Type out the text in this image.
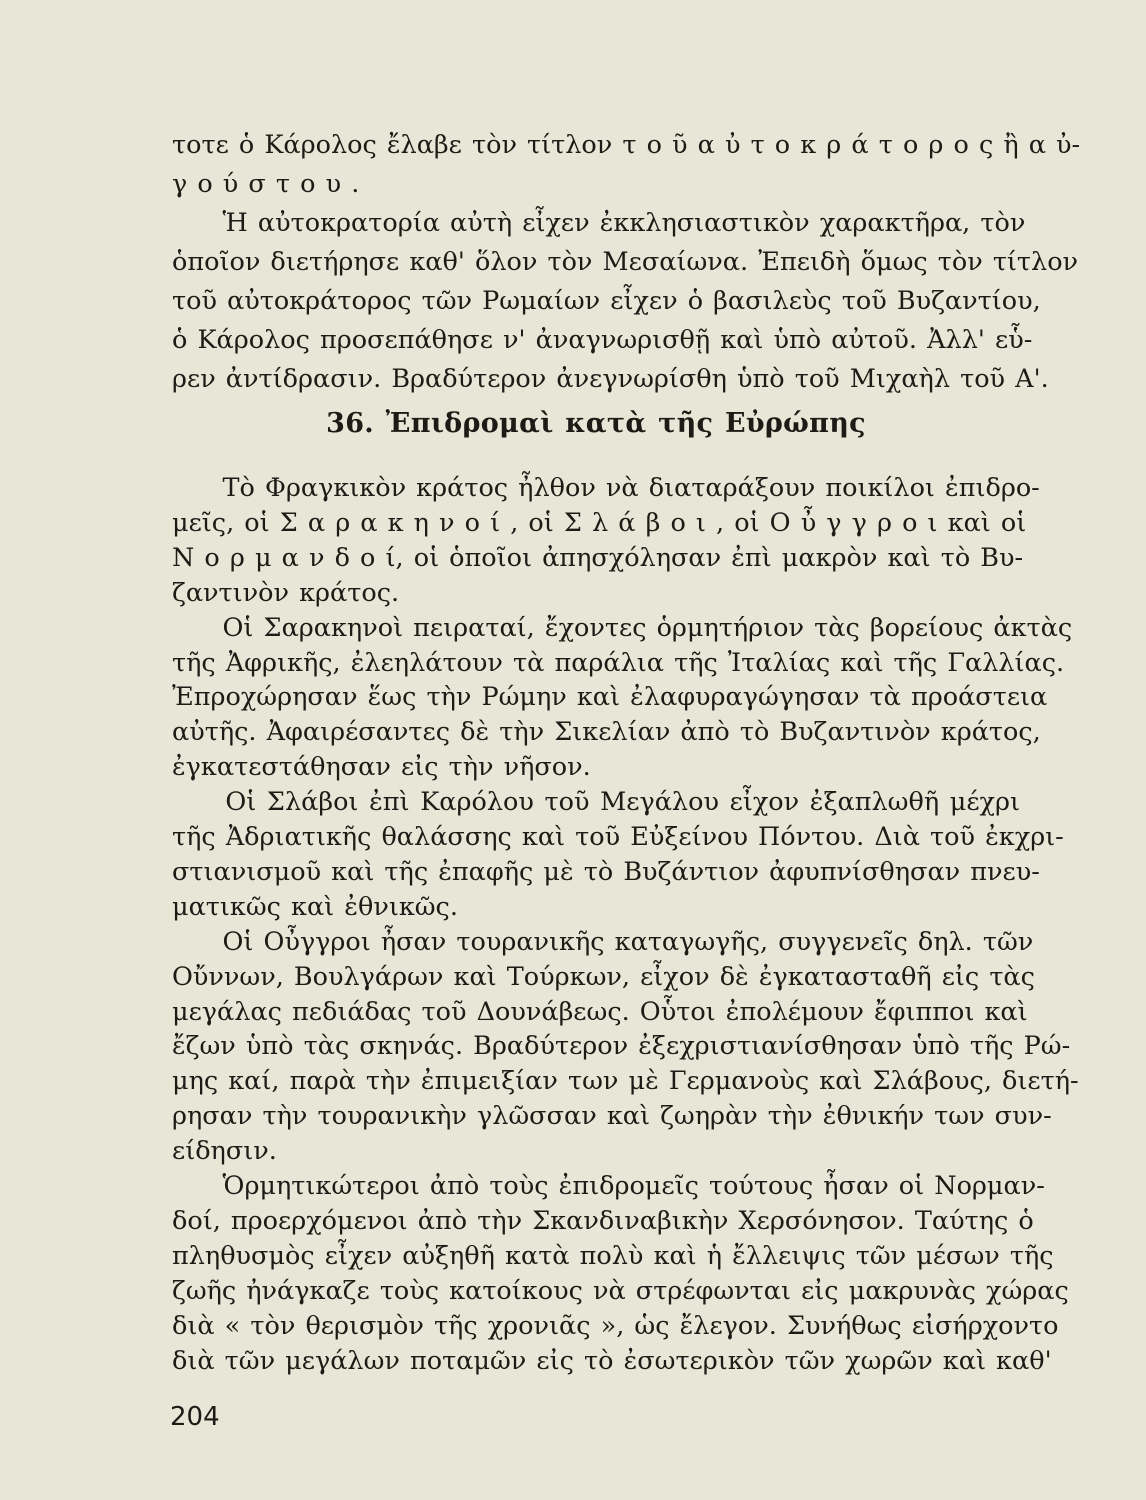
τοτε ὁ Κάρολος ἔλαβε τὸν τίτλον τ ο ῦ α ὐ τ ο κ ρ ά τ ο ρ ο ς ἢ α ὐ-
γ ο ύ σ τ ο υ .
Ἡ αὐτοκρατορία αὐτὴ εἶχεν ἐκκλησιαστικὸν χαρακτῆρα, τὸν
ὁποῖον διετήρησε καθ' ὅλον τὸν Μεσαίωνα. Ἐπειδὴ ὅμως τὸν τίτλον
τοῦ αὐτοκράτορος τῶν Ρωμαίων εἶχεν ὁ βασιλεὺς τοῦ Βυζαντίου,
ὁ Κάρολος προσεπάθησε ν' ἀναγνωρισθῇ καὶ ὑπὸ αὐτοῦ. Ἀλλ' εὗ-
ρεν ἀντίδρασιν. Βραδύτερον ἀνεγνωρίσθη ὑπὸ τοῦ Μιχαὴλ τοῦ Α'.
36. Ἐπιδρομαὶ κατὰ τῆς Εὐρώπης
Τὸ Φραγκικὸν κράτος ἦλθον νὰ διαταράξουν ποικίλοι ἐπιδρο-
μεῖς, οἱ Σ α ρ α κ η ν ο ί , οἱ Σ λ ά β ο ι , οἱ Ο ὖ γ γ ρ ο ι καὶ οἱ
Ν ο ρ μ α ν δ ο ί, οἱ ὁποῖοι ἀπησχόλησαν ἐπὶ μακρὸν καὶ τὸ Βυ-
ζαντινὸν κράτος.
Οἱ Σαρακηνοὶ πειραταί, ἔχοντες ὁρμητήριον τὰς βορείους ἀκτὰς
τῆς Ἀφρικῆς, ἐλεηλάτουν τὰ παράλια τῆς Ἰταλίας καὶ τῆς Γαλλίας.
Ἐπροχώρησαν ἕως τὴν Ρώμην καὶ ἐλαφυραγώγησαν τὰ προάστεια
αὐτῆς. Ἀφαιρέσαντες δὲ τὴν Σικελίαν ἀπὸ τὸ Βυζαντινὸν κράτος,
ἐγκατεστάθησαν εἰς τὴν νῆσον.
Οἱ Σλάβοι ἐπὶ Καρόλου τοῦ Μεγάλου εἶχον ἐξαπλωθῆ μέχρι
τῆς Ἀδριατικῆς θαλάσσης καὶ τοῦ Εὐξείνου Πόντου. Διὰ τοῦ ἐκχρι-
στιανισμοῦ καὶ τῆς ἐπαφῆς μὲ τὸ Βυζάντιον ἀφυπνίσθησαν πνευ-
ματικῶς καὶ ἐθνικῶς.
Οἱ Οὖγγροι ἦσαν τουρανικῆς καταγωγῆς, συγγενεῖς δηλ. τῶν
Οὔννων, Βουλγάρων καὶ Τούρκων, εἶχον δὲ ἐγκατασταθῆ εἰς τὰς
μεγάλας πεδιάδας τοῦ Δουνάβεως. Οὗτοι ἐπολέμουν ἔφιπποι καὶ
ἔζων ὑπὸ τὰς σκηνάς. Βραδύτερον ἐξεχριστιανίσθησαν ὑπὸ τῆς Ρώ-
μης καί, παρὰ τὴν ἐπιμειξίαν των μὲ Γερμανοὺς καὶ Σλάβους, διετή-
ρησαν τὴν τουρανικὴν γλῶσσαν καὶ ζωηρὰν τὴν ἐθνικήν των συν-
είδησιν.
Ὁρμητικώτεροι ἀπὸ τοὺς ἐπιδρομεῖς τούτους ἦσαν οἱ Νορμαν-
δοί, προερχόμενοι ἀπὸ τὴν Σκανδιναβικὴν Χερσόνησον. Ταύτης ὁ
πληθυσμὸς εἶχεν αὐξηθῆ κατὰ πολὺ καὶ ἡ ἔλλειψις τῶν μέσων τῆς
ζωῆς ἠνάγκαζε τοὺς κατοίκους νὰ στρέφωνται εἰς μακρυνὰς χώρας
διὰ « τὸν θερισμὸν τῆς χρονιᾶς », ὡς ἔλεγον. Συνήθως εἰσήρχοντο
διὰ τῶν μεγάλων ποταμῶν εἰς τὸ ἐσωτερικὸν τῶν χωρῶν καὶ καθ'
204
